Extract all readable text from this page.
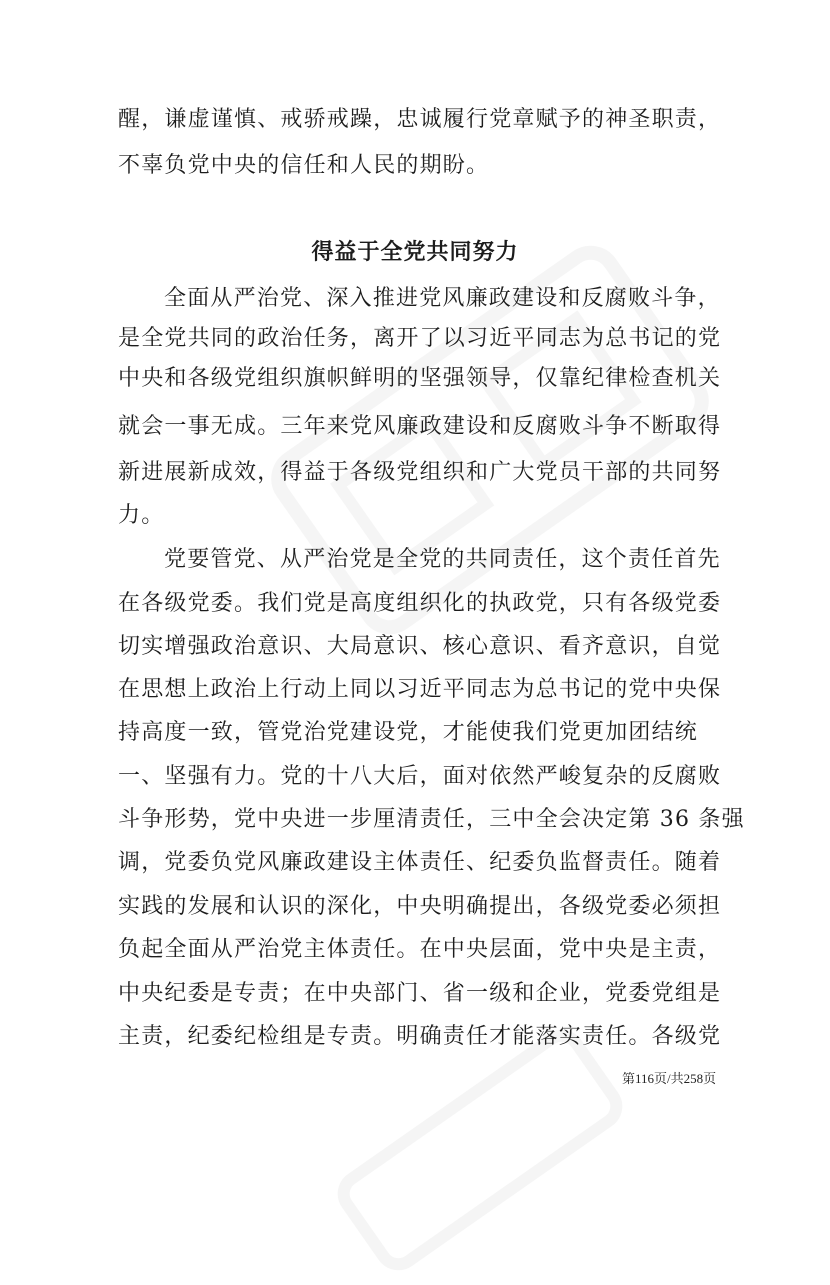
醒，谦虚谨慎、戒骄戒躁，忠诚履行党章赋予的神圣职责，
不辜负党中央的信任和人民的期盼。
得益于全党共同努力
全面从严治党、深入推进党风廉政建设和反腐败斗争，
是全党共同的政治任务，离开了以习近平同志为总书记的党
中央和各级党组织旗帜鲜明的坚强领导，仅靠纪律检查机关
就会一事无成。三年来党风廉政建设和反腐败斗争不断取得
新进展新成效，得益于各级党组织和广大党员干部的共同努
力。
党要管党、从严治党是全党的共同责任，这个责任首先
在各级党委。我们党是高度组织化的执政党，只有各级党委
切实增强政治意识、大局意识、核心意识、看齐意识，自觉
在思想上政治上行动上同以习近平同志为总书记的党中央保
持高度一致，管党治党建设党，才能使我们党更加团结统
一、坚强有力。党的十八大后，面对依然严峻复杂的反腐败
斗争形势，党中央进一步厘清责任，三中全会决定第 36 条强
调，党委负党风廉政建设主体责任、纪委负监督责任。随着
实践的发展和认识的深化，中央明确提出，各级党委必须担
负起全面从严治党主体责任。在中央层面，党中央是主责，
中央纪委是专责；在中央部门、省一级和企业，党委党组是
主责，纪委纪检组是专责。明确责任才能落实责任。各级党
第116页/共258页
